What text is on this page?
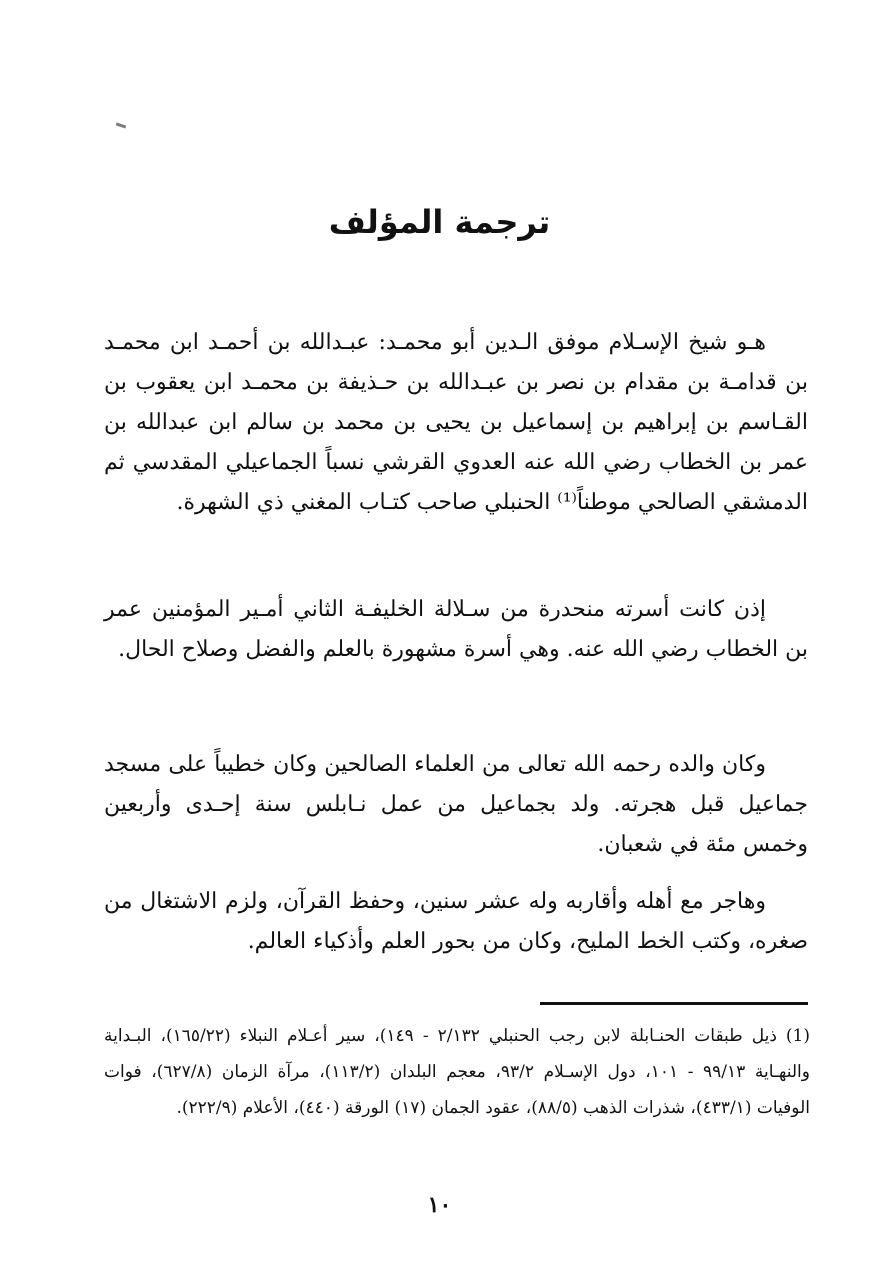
ترجمة المؤلف

هـو شيخ الإسـلام موفق الـدين أبو محمـد: عبـدالله بن أحمـد ابن محمـد بن قدامـة بن مقدام بن نصر بن عبـدالله بن حـذيفة بن محمـد ابن يعقوب بن القـاسم بن إبراهيم بن إسماعيل بن يحيى بن محمد بن سالم ابن عبدالله بن عمر بن الخطاب رضي الله عنه العدوي القرشي نسباً الجماعيلي المقدسي ثم الدمشقي الصالحي موطناً⁽¹⁾ الحنبلي صاحب كتـاب المغني ذي الشهرة.

إذن كانت أسرته منحدرة من سـلالة الخليفـة الثاني أمـير المؤمنين عمر بن الخطاب رضي الله عنه. وهي أسرة مشهورة بالعلم والفضل وصلاح الحال.

وكان والده رحمه الله تعالى من العلماء الصالحين وكان خطيباً على مسجد جماعيل قبل هجرته. ولد بجماعيل من عمل نـابلس سنة إحـدى وأربعين وخمس مئة في شعبان.

وهاجر مع أهله وأقاربه وله عشر سنين، وحفظ القرآن، ولزم الاشتغال من صغره، وكتب الخط المليح، وكان من بحور العلم وأذكياء العالم.

(1) ذيل طبقات الحنـابلة لابن رجب الحنبلي ٢/١٣٢ - ١٤٩)، سير أعـلام النبلاء (١٦٥/٢٢)، البـداية والنهـاية ٩٩/١٣ - ١٠١، دول الإسـلام ٩٣/٢، معجم البلدان (١١٣/٢)، مرآة الزمان (٦٢٧/٨)، فوات الوفيات (٤٣٣/١)، شذرات الذهب (٨٨/٥)، عقود الجمان (١٧) الورقة (٤٤٠)، الأعلام (٢٢٢/٩).

١٠
